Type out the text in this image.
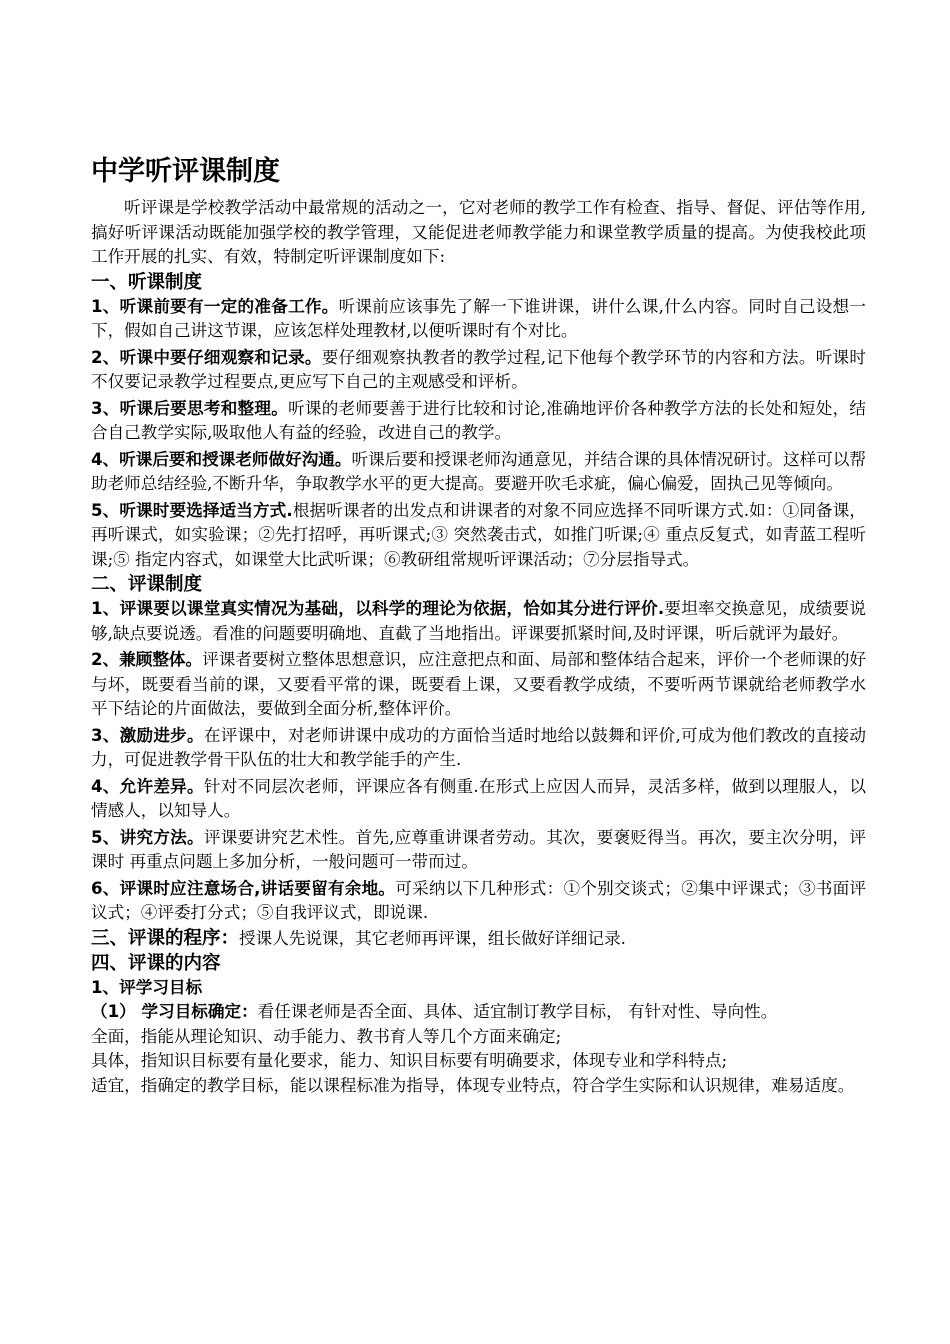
中学听评课制度

听评课是学校教学活动中最常规的活动之一，它对老师的教学工作有检查、指导、督促、评估等作用,搞好听评课活动既能加强学校的教学管理，又能促进老师教学能力和课堂教学质量的提高。为使我校此项工作开展的扎实、有效，特制定听评课制度如下:

一、听课制度

1、听课前要有一定的准备工作。听课前应该事先了解一下谁讲课，讲什么课,什么内容。同时自己设想一下，假如自己讲这节课，应该怎样处理教材,以便听课时有个对比。

2、听课中要仔细观察和记录。要仔细观察执教者的教学过程,记下他每个教学环节的内容和方法。听课时不仅要记录教学过程要点,更应写下自己的主观感受和评析。

3、听课后要思考和整理。听课的老师要善于进行比较和讨论,准确地评价各种教学方法的长处和短处，结合自己教学实际,吸取他人有益的经验，改进自己的教学。

4、听课后要和授课老师做好沟通。听课后要和授课老师沟通意见，并结合课的具体情况研讨。这样可以帮助老师总结经验,不断升华，争取教学水平的更大提高。要避开吹毛求疵，偏心偏爱，固执己见等倾向。

5、听课时要选择适当方式.根据听课者的出发点和讲课者的对象不同应选择不同听课方式.如：①同备课，再听课式，如实验课；②先打招呼，再听课式;③ 突然袭击式，如推门听课;④ 重点反复式，如青蓝工程听课;⑤ 指定内容式，如课堂大比武听课；⑥教研组常规听评课活动；⑦分层指导式。

二、评课制度

1、评课要以课堂真实情况为基础，以科学的理论为依据，恰如其分进行评价.要坦率交换意见，成绩要说够,缺点要说透。看准的问题要明确地、直截了当地指出。评课要抓紧时间,及时评课，听后就评为最好。

2、兼顾整体。评课者要树立整体思想意识，应注意把点和面、局部和整体结合起来，评价一个老师课的好与坏，既要看当前的课，又要看平常的课，既要看上课，又要看教学成绩，不要听两节课就给老师教学水平下结论的片面做法，要做到全面分析,整体评价。

3、激励进步。在评课中，对老师讲课中成功的方面恰当适时地给以鼓舞和评价,可成为他们教改的直接动力，可促进教学骨干队伍的壮大和教学能手的产生.

4、允许差异。针对不同层次老师，评课应各有侧重.在形式上应因人而异，灵活多样，做到以理服人，以情感人，以知导人。

5、讲究方法。评课要讲究艺术性。首先,应尊重讲课者劳动。其次，要褒贬得当。再次，要主次分明，评课时 再重点问题上多加分析，一般问题可一带而过。

6、评课时应注意场合,讲话要留有余地。可采纳以下几种形式：①个别交谈式；②集中评课式；③书面评议式；④评委打分式；⑤自我评议式，即说课.

三、评课的程序：授课人先说课，其它老师再评课，组长做好详细记录.

四、评课的内容
1、评学习目标

（1） 学习目标确定：看任课老师是否全面、具体、适宜制订教学目标， 有针对性、导向性。

全面，指能从理论知识、动手能力、教书育人等几个方面来确定;

具体，指知识目标要有量化要求，能力、知识目标要有明确要求，体现专业和学科特点;

适宜，指确定的教学目标，能以课程标准为指导，体现专业特点，符合学生实际和认识规律，难易适度。
